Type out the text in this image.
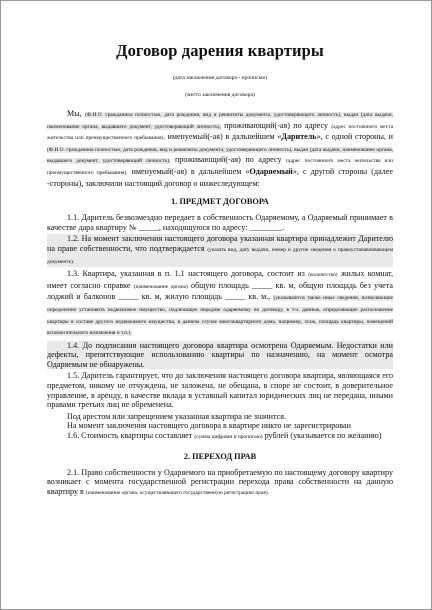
Договор дарения квартиры
(дата заключения договора - прописью)
(место заключения договора)
Мы, (Ф.И.О. гражданина полностью, дата рождения, вид и реквизиты документа, удостоверяющего личность), выдан (дата выдачи, наименование органа, выдавшего документ, удостоверяющий личность), проживающий(-ая) по адресу (адрес постоянного места жительства или преимущественного пребывания), именуемый(-ая) в дальнейшем «Даритель», с одной стороны, и (Ф.И.О. гражданина полностью, дата рождения, вид и реквизиты документа, удостоверяющего личность), выдан (дата выдачи, наименование органа, выдавшего документ, удостоверяющий личность), проживающий(-ая) по адресу (адрес постоянного места жительства или преимущественного пребывания), именуемый(-ая) в дальнейшем «Одаряемый», с другой стороны (далее -стороны), заключили настоящий договор о нижеследующем:
1. ПРЕДМЕТ ДОГОВОРА
1.1. Даритель безвозмездно передает в собственность Одаряемому, а Одаряемый принимает в качестве дара квартиру № _____, находящуюся по адресу: ________.
1.2. На момент заключения настоящего договора указанная квартира принадлежит Дарителю на праве собственности, что подтверждается (указать вид, дату выдачи, номер и другие сведения о правоустанавливающем документе).
1.3. Квартира, указанная в п. 1.1 настоящего договора, состоит из (количество) жилых комнат, имеет согласно справке (наименование органа) общую площадь _____ кв. м, общую площадь без учета лоджий и балконов _____ кв. м, жилую площадь _____ кв. м., (указываются также иные сведения, позволяющие определенно установить недвижимое имущество, подлежащее передаче одаряемому по договору, в т.ч. данные, определяющие расположение квартиры в составе другого недвижимого имущества, в данном случае многоквартирного дома, например, этаж, площадь квартиры, помещений вспомогательного назначения и т.п.).
1.4. До подписания настоящего договора квартира осмотрена Одаряемым. Недостатки или дефекты, препятствующие использованию квартиры по назначению, на момент осмотра Одаряемым не обнаружены.
1.5. Даритель гарантирует, что до заключения настоящего договора квартира, являющаяся его предметом, никому не отчуждена, не заложена, не обещана, в споре не состоит, в доверительное управление, в аренду, в качестве вклада в уставный капитал юридических лиц не передана, иными правами третьих лиц не обременена.
Под арестом или запрещением указанная квартира не значится.
На момент заключения настоящего договора в квартире никто не зарегистрирован
1.6. Стоимость квартиры составляет (сумма цифрами и прописью) рублей (указывается по желанию)
2. ПЕРЕХОД ПРАВ
2.1. Право собственности у Одаряемого на приобретаемую по настоящему договору квартиру возникает с момента государственной регистрации перехода права собственности на данную квартиру в (наименование органа, осуществляющего государственную регистрацию прав).
